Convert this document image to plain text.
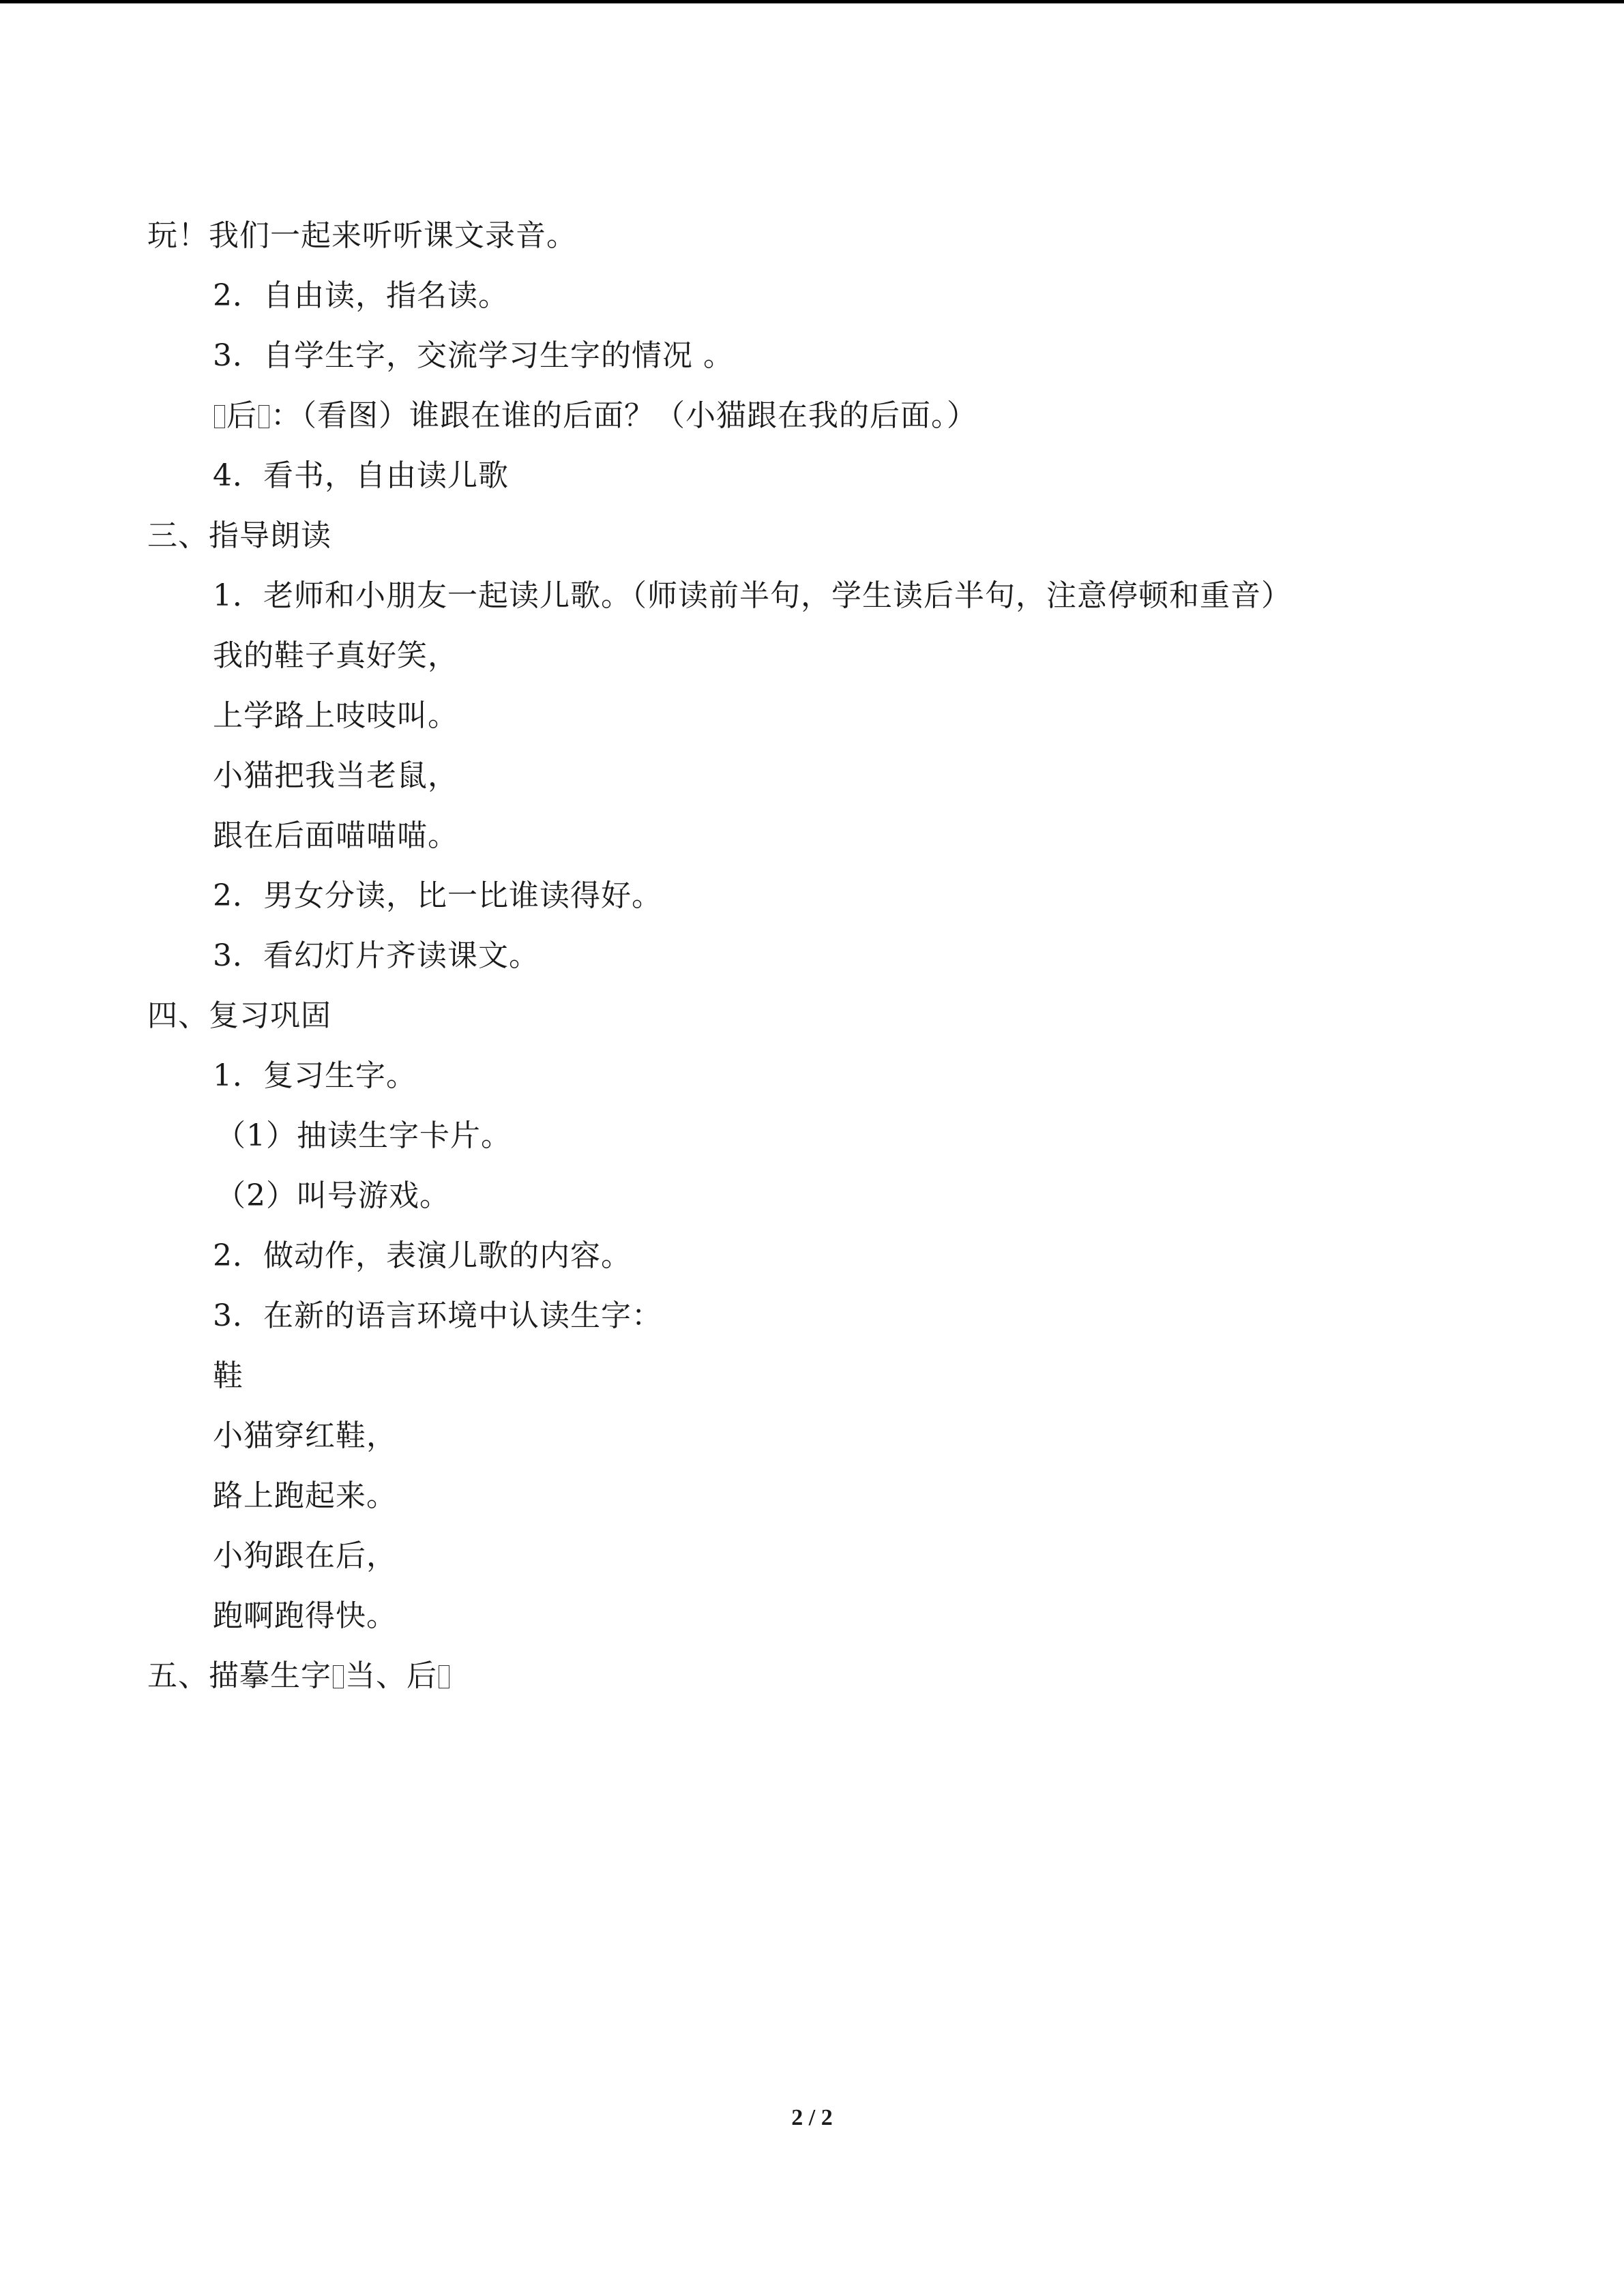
玩！我们一起来听听课文录音。
2．自由读，指名读。
3．自学生字，交流学习生字的情况 。
后 ：（看图）谁跟在谁的后面？（小猫跟在我的后面。）
4．看书，自由读儿歌
三、指导朗读
1．老师和小朋友一起读儿歌。（师读前半句，学生读后半句，注意停顿和重音）
我的鞋子真好笑，
上学路上吱吱叫。
小猫把我当老鼠，
跟在后面喵喵喵。
2．男女分读，比一比谁读得好。
3．看幻灯片齐读课文。
四、复习巩固
1．复习生字。
（1）抽读生字卡片。
（2）叫号游戏。
2．做动作，表演儿歌的内容。
3．在新的语言环境中认读生字：
鞋
小猫穿红鞋，
路上跑起来。
小狗跟在后，
跑啊跑得快。
五、描摹生字 当、后
2 / 2
